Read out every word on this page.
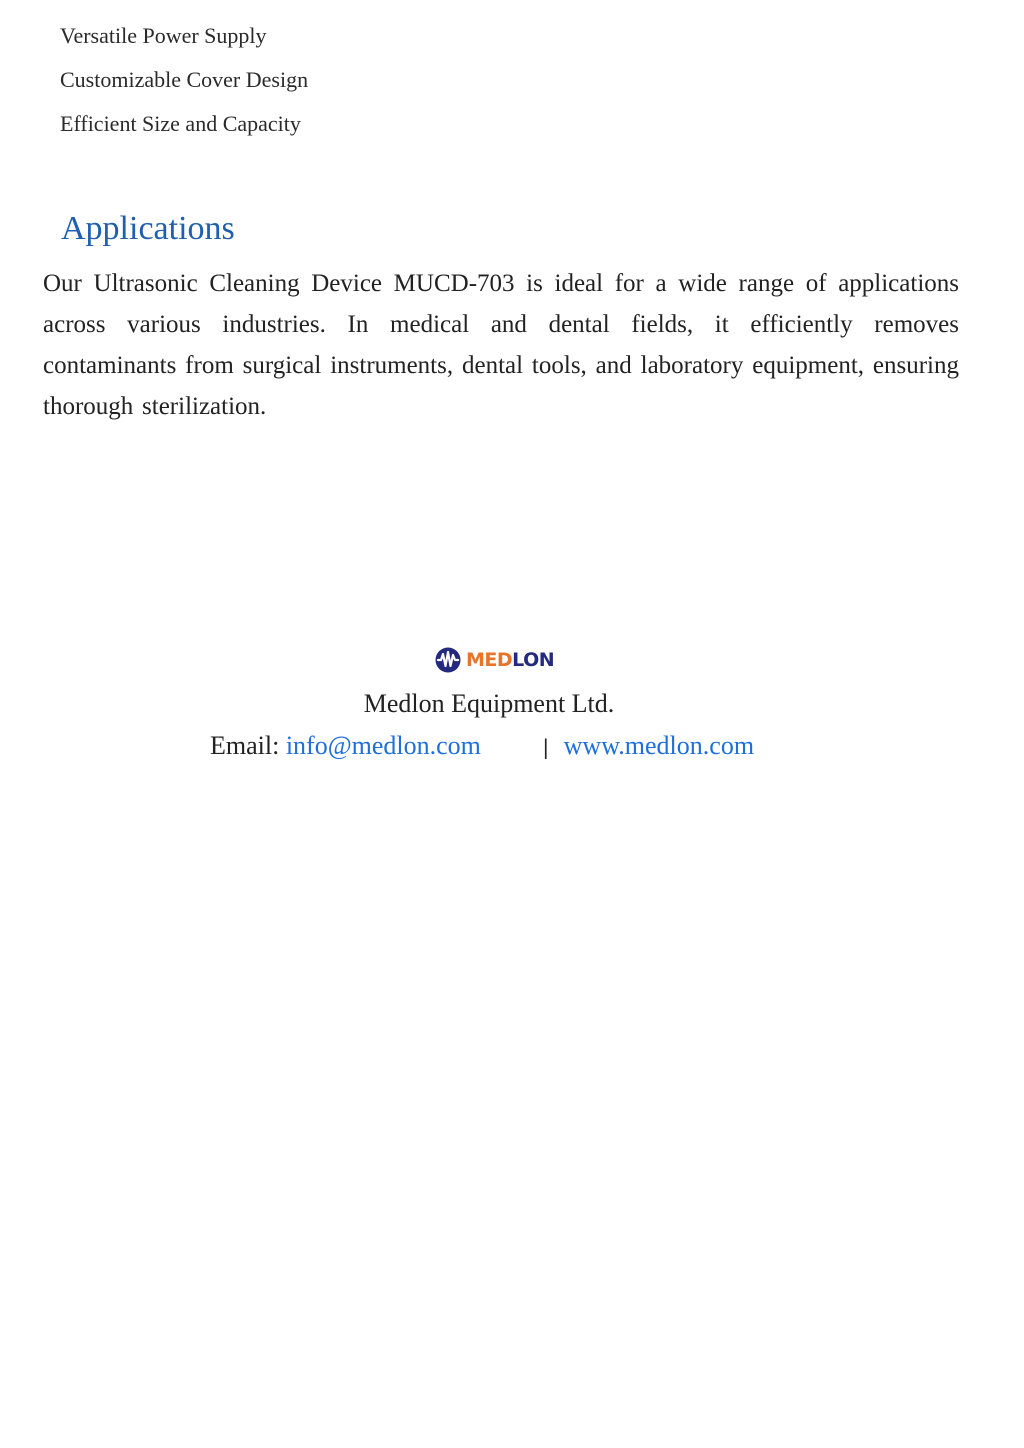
Versatile Power Supply
Customizable Cover Design
Efficient Size and Capacity
Applications

Our Ultrasonic Cleaning Device MUCD-703 is ideal for a wide range of applications across various industries. In medical and dental fields, it efficiently removes contaminants from surgical instruments, dental tools, and laboratory equipment, ensuring thorough sterilization.

MEDLON
Medlon Equipment Ltd.
Email: info@medlon.com	| www.medlon.com
